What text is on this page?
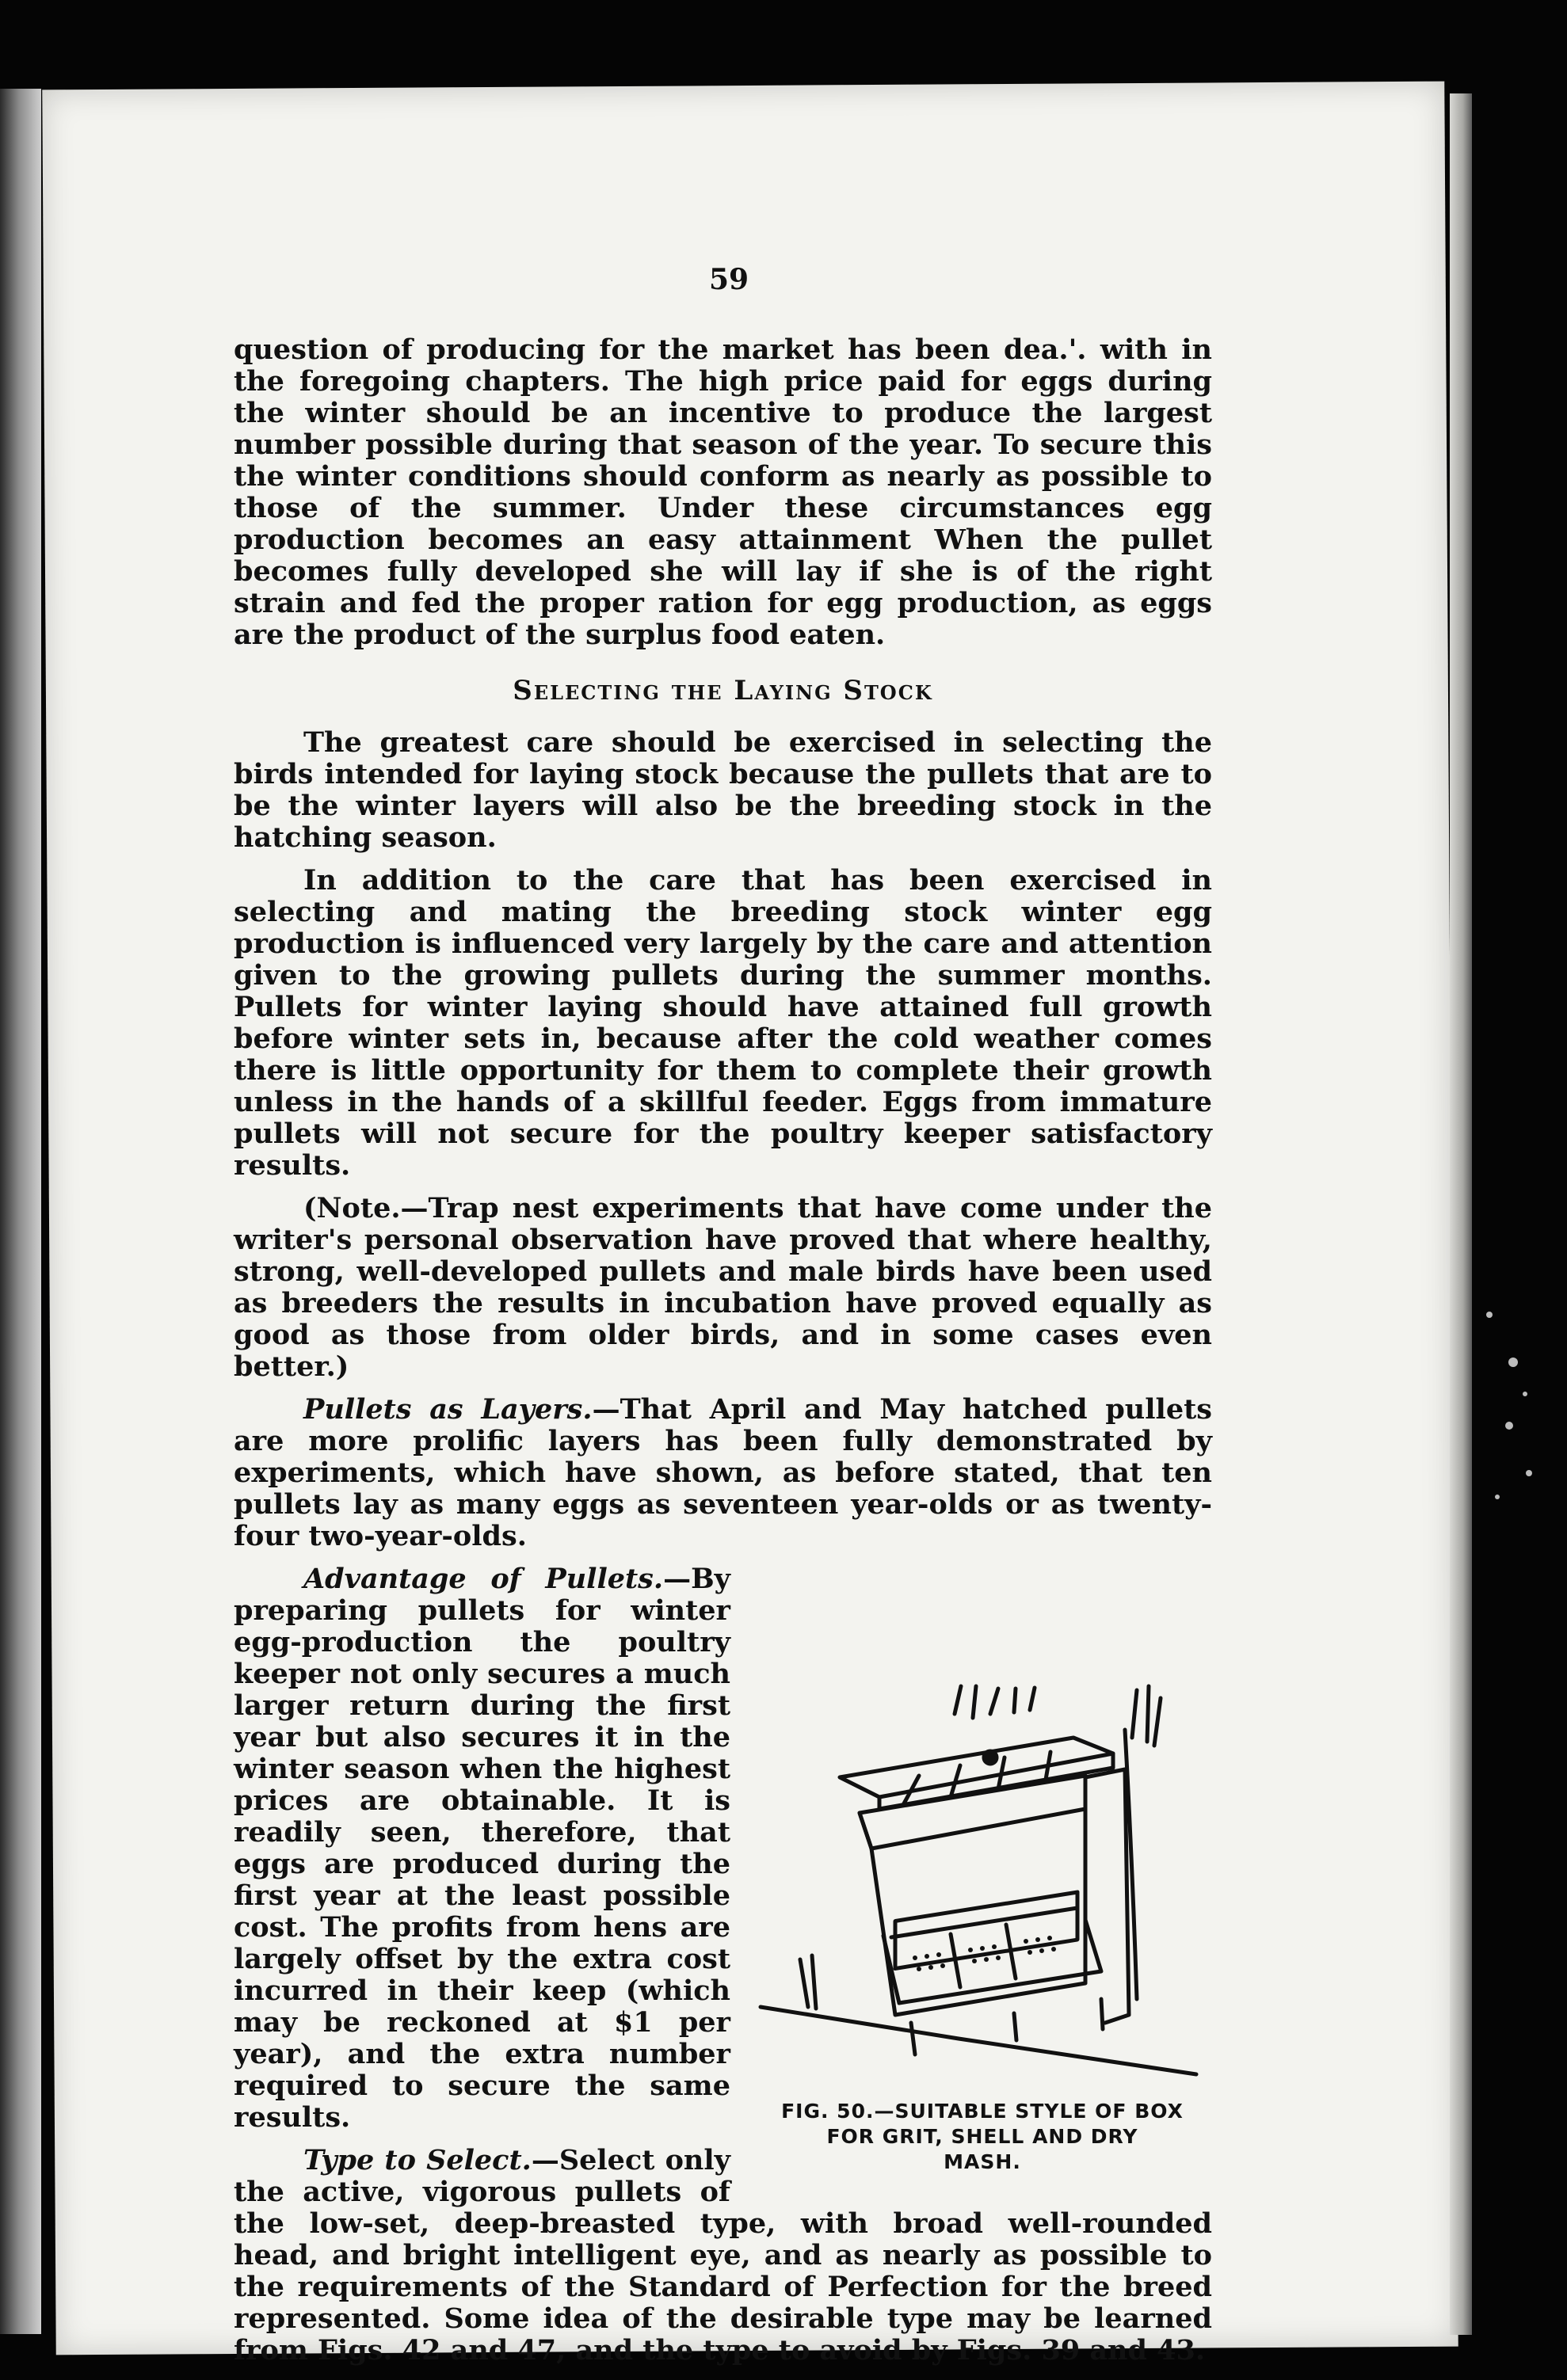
59

question of producing for the market has been dea.'. with in the foregoing chapters. The high price paid for eggs during the winter should be an incentive to produce the largest number possible during that season of the year. To secure this the winter conditions should conform as nearly as possible to those of the summer. Under these circumstances egg production becomes an easy attainment When the pullet becomes fully developed she will lay if she is of the right strain and fed the proper ration for egg production, as eggs are the product of the surplus food eaten.

Selecting the Laying Stock

The greatest care should be exercised in selecting the birds intended for laying stock because the pullets that are to be the winter layers will also be the breeding stock in the hatching season.

In addition to the care that has been exercised in selecting and mating the breeding stock winter egg production is influenced very largely by the care and attention given to the growing pullets during the summer months. Pullets for winter laying should have attained full growth before winter sets in, because after the cold weather comes there is little opportunity for them to complete their growth unless in the hands of a skillful feeder. Eggs from immature pullets will not secure for the poultry keeper satisfactory results.

(Note.—Trap nest experiments that have come under the writer's personal observation have proved that where healthy, strong, well-developed pullets and male birds have been used as breeders the results in incubation have proved equally as good as those from older birds, and in some cases even better.)

Pullets as Layers.—That April and May hatched pullets are more prolific layers has been fully demonstrated by experiments, which have shown, as before stated, that ten pullets lay as many eggs as seventeen year-olds or as twenty-four two-year-olds.

FIG. 50.—SUITABLE STYLE OF BOX
FOR GRIT, SHELL AND DRY
MASH.

Advantage of Pullets.—By preparing pullets for winter egg-production the poultry keeper not only secures a much larger return during the first year but also secures it in the winter season when the highest prices are obtainable. It is readily seen, therefore, that eggs are produced during the first year at the least possible cost. The profits from hens are largely offset by the extra cost incurred in their keep (which may be reckoned at $1 per year), and the extra number required to secure the same results.

Type to Select.—Select only the active, vigorous pullets of the low-set, deep-breasted type, with broad well-rounded head, and bright intelligent eye, and as nearly as possible to the requirements of the Standard of Perfection for the breed represented. Some idea of the desirable type may be learned from Figs. 42 and 47, and the type to avoid by Figs. 39 and 43.
